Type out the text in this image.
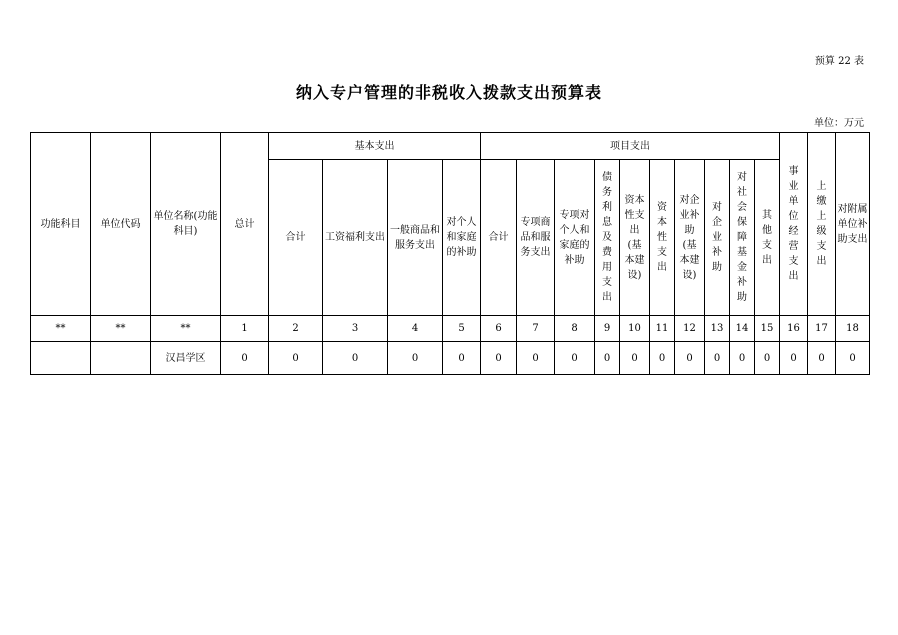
预算 22 表
纳入专户管理的非税收入拨款支出预算表
单位：万元
功能科目	单位代码	单位名称(功能科目)	总计	基本支出				项目支出										事业单位经营支出	上缴上级支出	对附属单位补助支出
				合计	工资福利支出	一般商品和服务支出	对个人和家庭的补助	合计	专项商品和服务支出	专项对个人和家庭的补助	债务利息及费用支出	资本性支出(基本建设)	资本性支出	对企业补助(基本建设)	对企业补助	对社会保障基金补助	其他支出			

**	**	**	1	2	3	4	5	6	7	8	9	10	11	12	13	14	15	16	17	18
		汉昌学区	0	0	0	0	0	0	0	0	0	0	0	0	0	0	0	0	0	0
